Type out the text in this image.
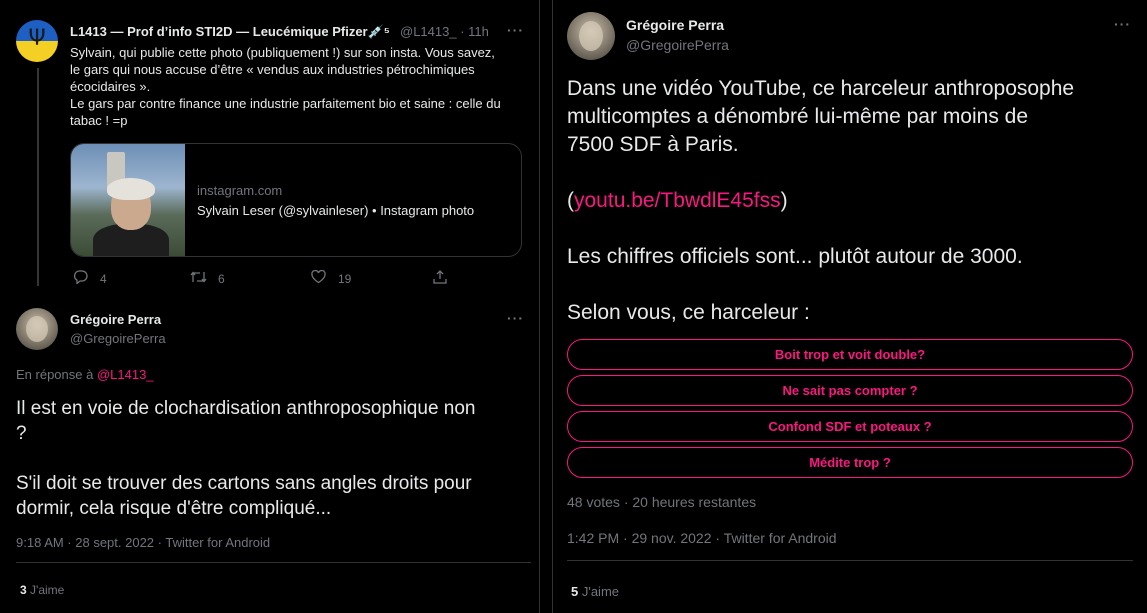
Ψ	L1413 — Prof d’info STI2D — Leucémique Pfizer💉⁵ @L1413_ · 11h ···
Sylvain, qui publie cette photo (publiquement !) sur son insta. Vous savez,
le gars qui nous accuse d’être « vendus aux industries pétrochimiques
écocidaires ».
Le gars par contre finance une industrie parfaitement bio et saine : celle du
tabac ! =p
instagram.com
Sylvain Leser (@sylvainleser) • Instagram photo
4	6	19
Grégoire Perra
@GregoirePerra
···
En réponse à @L1413_
Il est en voie de clochardisation anthroposophique non
?
S'il doit se trouver des cartons sans angles droits pour
dormir, cela risque d'être compliqué...
9:18 AM · 28 sept. 2022 · Twitter for Android
3 J'aime
Grégoire Perra
@GregoirePerra
···
Dans une vidéo YouTube, ce harceleur anthroposophe
multicomptes a dénombré lui-même par moins de
7500 SDF à Paris.
(youtu.be/TbwdlE45fss)
Les chiffres officiels sont... plutôt autour de 3000.
Selon vous, ce harceleur :
Boit trop et voit double?
Ne sait pas compter ?
Confond SDF et poteaux ?
Médite trop ?
48 votes · 20 heures restantes
1:42 PM · 29 nov. 2022 · Twitter for Android
5 J'aime
